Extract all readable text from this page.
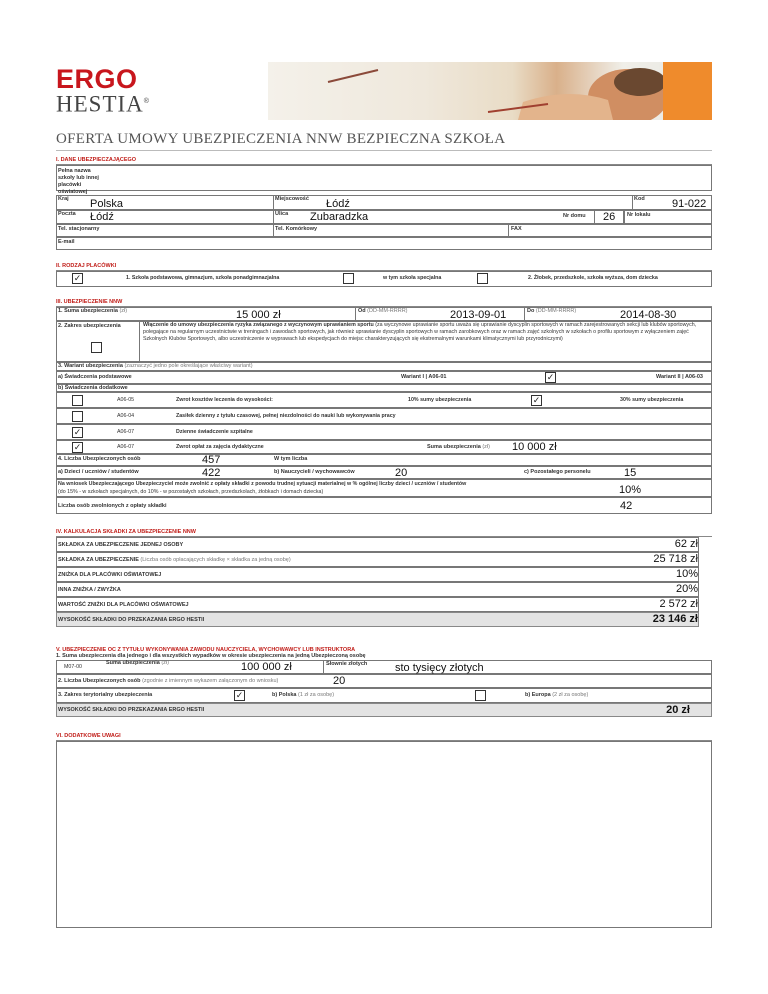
ERGO
HESTIA®
OFERTA UMOWY UBEZPIECZENIA NNW BEZPIECZNA SZKOŁA
I. DANE UBEZPIECZAJĄCEGO
Pełna nazwa szkoły lub innej placówki oświatowej
Kraj Polska	Miejscowość Łódź	Kod 91-022
Poczta Łódź	Ulica Zubaradzka	Nr domu 26 Nr lokalu
Tel. stacjonarny	Tel. Komórkowy	FAX
E-mail
II. RODZAJ PLACÓWKI
✓	1. Szkoła podstawowa, gimnazjum, szkoła ponadgimnazjalna	w tym szkoła specjalna	2. Żłobek, przedszkole, szkoła wyższa, dom dziecka
III. UBEZPIECZENIE NNW
1. Suma ubezpieczenia (zł)	15 000 zł	Od (DD-MM-RRRR)	2013-09-01	Do (DD-MM-RRRR)	2014-08-30
2. Zakres ubezpieczenia	Włączenie do umowy ubezpieczenia ryzyka związanego z wyczynowym uprawianiem sportu (za wyczynowe uprawianie sportu uważa się uprawianie dyscyplin sportowych w ramach zarejestrowanych sekcji lub klubów sportowych, polegające na regularnym uczestnictwie w treningach i zawodach sportowych, jak również uprawianie dyscyplin sportowych w ramach zarobkowych oraz w ramach zajęć szkolnych w szkołach o profilu sportowym z wyłączeniem zajęć Szkolnych Klubów Sportowych, albo uczestniczenie w wyprawach lub ekspedycjach do miejsc charakteryzujących się ekstremalnymi warunkami klimatycznymi lub przyrodniczymi)
3. Wariant ubezpieczenia (zaznaczyć jedno pole określające właściwy wariant)
a) Świadczenia podstawowe	Wariant I | A06-01	✓	Wariant II | A06-03
b) Świadczenia dodatkowe
A06-05	Zwrot kosztów leczenia do wysokości:	10% sumy ubezpieczenia	✓	30% sumy ubezpieczenia
A06-04	Zasiłek dzienny z tytułu czasowej, pełnej niezdolności do nauki lub wykonywania pracy
✓	A06-07	Dzienne świadczenie szpitalne
✓	A06-07	Zwrot opłat za zajęcia dydaktyczne	Suma ubezpieczenia (zł) 10 000 zł
4. Liczba Ubezpieczonych osób	457	W tym liczba
a) Dzieci / uczniów / studentów	422	b) Nauczycieli / wychowawców	20	c) Pozostałego personelu	15
Na wniosek Ubezpieczającego Ubezpieczyciel może zwolnić z opłaty składki z powodu trudnej sytuacji materialnej w % ogólnej liczby dzieci / uczniów / studentów
(do 15% - w szkołach specjalnych, do 10% - w pozostałych szkołach, przedszkolach, żłobkach i domach dziecka)	10%
Liczba osób zwolnionych z opłaty składki	42
IV. KALKULACJA SKŁADKI ZA UBEZPIECZENIE NNW
SKŁADKA ZA UBEZPIECZENIE JEDNEJ OSOBY	62 zł
SKŁADKA ZA UBEZPIECZENIE (Liczba osób opłacających składkę × składka za jedną osobę)	25 718 zł
ZNIŻKA DLA PLACÓWKI OŚWIATOWEJ	10%
INNA ZNIŻKA / ZWYŻKA	20%
WARTOŚĆ ZNIŻKI DLA PLACÓWKI OŚWIATOWEJ	2 572 zł
WYSOKOŚĆ SKŁADKI DO PRZEKAZANIA ERGO HESTII	23 146 zł
V. UBEZPIECZENIE OC Z TYTUŁU WYKONYWANIA ZAWODU NAUCZYCIELA, WYCHOWAWCY LUB INSTRUKTORA
1. Suma ubezpieczenia dla jednego i dla wszystkich wypadków w okresie ubezpieczenia na jedną Ubezpieczoną osobę
M07-00
Suma ubezpieczenia (zł)	100 000 zł	Słownie złotych	sto tysięcy złotych
2. Liczba Ubezpieczonych osób (zgodnie z imiennym wykazem załączonym do wniosku)	20
3. Zakres terytorialny ubezpieczenia	✓	b) Polska (1 zł za osobę)	b) Europa (2 zł za osobę)
WYSOKOŚĆ SKŁADKI DO PRZEKAZANIA ERGO HESTII	20 zł
VI. DODATKOWE UWAGI
